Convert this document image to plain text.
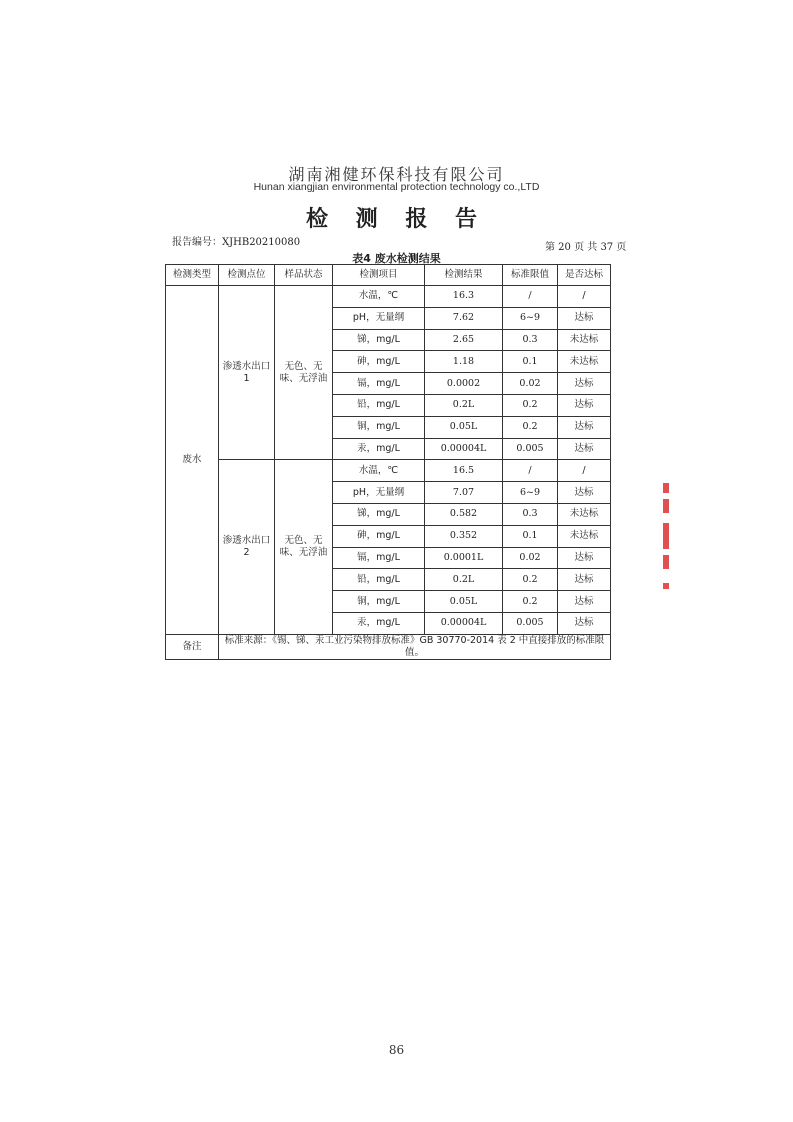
湖南湘健环保科技有限公司
Hunan xiangjian environmental protection technology co.,LTD
检 测 报 告
报告编号：XJHB20210080	第 20 页 共 37 页
表4 废水检测结果
检测类型	检测点位	样品状态	检测项目	检测结果	标准限值	是否达标
废水	渗透水出口1	无色、无味、无浮油	水温，℃	16.3	/	/
			pH，无量纲	7.62	6~9	达标
			锑，mg/L	2.65	0.3	未达标
			砷，mg/L	1.18	0.1	未达标
			镉，mg/L	0.0002	0.02	达标
			铅，mg/L	0.2L	0.2	达标
			铜，mg/L	0.05L	0.2	达标
			汞，mg/L	0.00004L	0.005	达标
	渗透水出口2	无色、无味、无浮油	水温，℃	16.5	/	/
			pH，无量纲	7.07	6~9	达标
			锑，mg/L	0.582	0.3	未达标
			砷，mg/L	0.352	0.1	未达标
			镉，mg/L	0.0001L	0.02	达标
			铅，mg/L	0.2L	0.2	达标
			铜，mg/L	0.05L	0.2	达标
			汞，mg/L	0.00004L	0.005	达标
备注	标准来源：《锡、锑、汞工业污染物排放标准》GB 30770-2014 表 2 中直接排放的标准限值。					
86
